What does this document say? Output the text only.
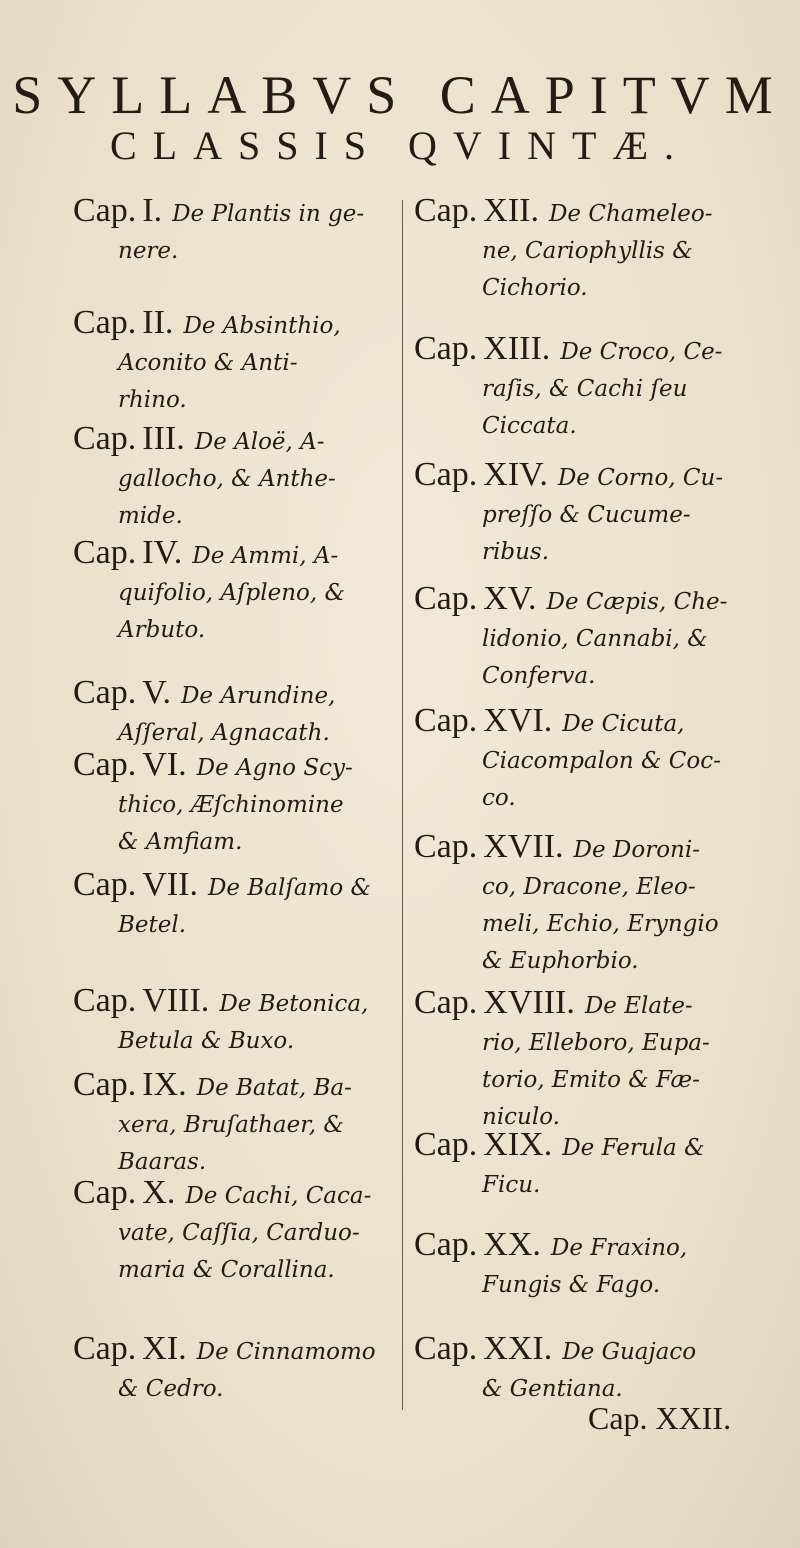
SYLLABVS CAPITVM
CLASSIS QVINTÆ.
Cap. I. De Plantis in ge-
nere.
Cap. II. De Absinthio,
Aconito & Anti-
rhino.
Cap. III. De Aloë, A-
gallocho, & Anthe-
mide.
Cap. IV. De Ammi, A-
quifolio, Aſpleno, &
Arbuto.
Cap. V. De Arundine,
Aſſeral, Agnacath.
Cap. VI. De Agno Scy-
thico, Æſchinomine
& Amfiam.
Cap. VII. De Balſamo &
Betel.
Cap. VIII. De Betonica,
Betula & Buxo.
Cap. IX. De Batat, Ba-
xera, Bruſathaer, &
Baaras.
Cap. X. De Cachi, Caca-
vate, Caſſia, Carduo-
maria & Corallina.
Cap. XI. De Cinnamomo
& Cedro.
Cap. XII. De Chameleo-
ne, Cariophyllis &
Cichorio.
Cap. XIII. De Croco, Ce-
raſis, & Cachi ſeu
Ciccata.
Cap. XIV. De Corno, Cu-
preſſo & Cucume-
ribus.
Cap. XV. De Cæpis, Che-
lidonio, Cannabi, &
Conferva.
Cap. XVI. De Cicuta,
Ciacompalon & Coc-
co.
Cap. XVII. De Doroni-
co, Dracone, Eleo-
meli, Echio, Eryngio
& Euphorbio.
Cap. XVIII. De Elate-
rio, Elleboro, Eupa-
torio, Emito & Fæ-
niculo.
Cap. XIX. De Ferula &
Ficu.
Cap. XX. De Fraxino,
Fungis & Fago.
Cap. XXI. De Guajaco
& Gentiana.
Cap. XXII.
